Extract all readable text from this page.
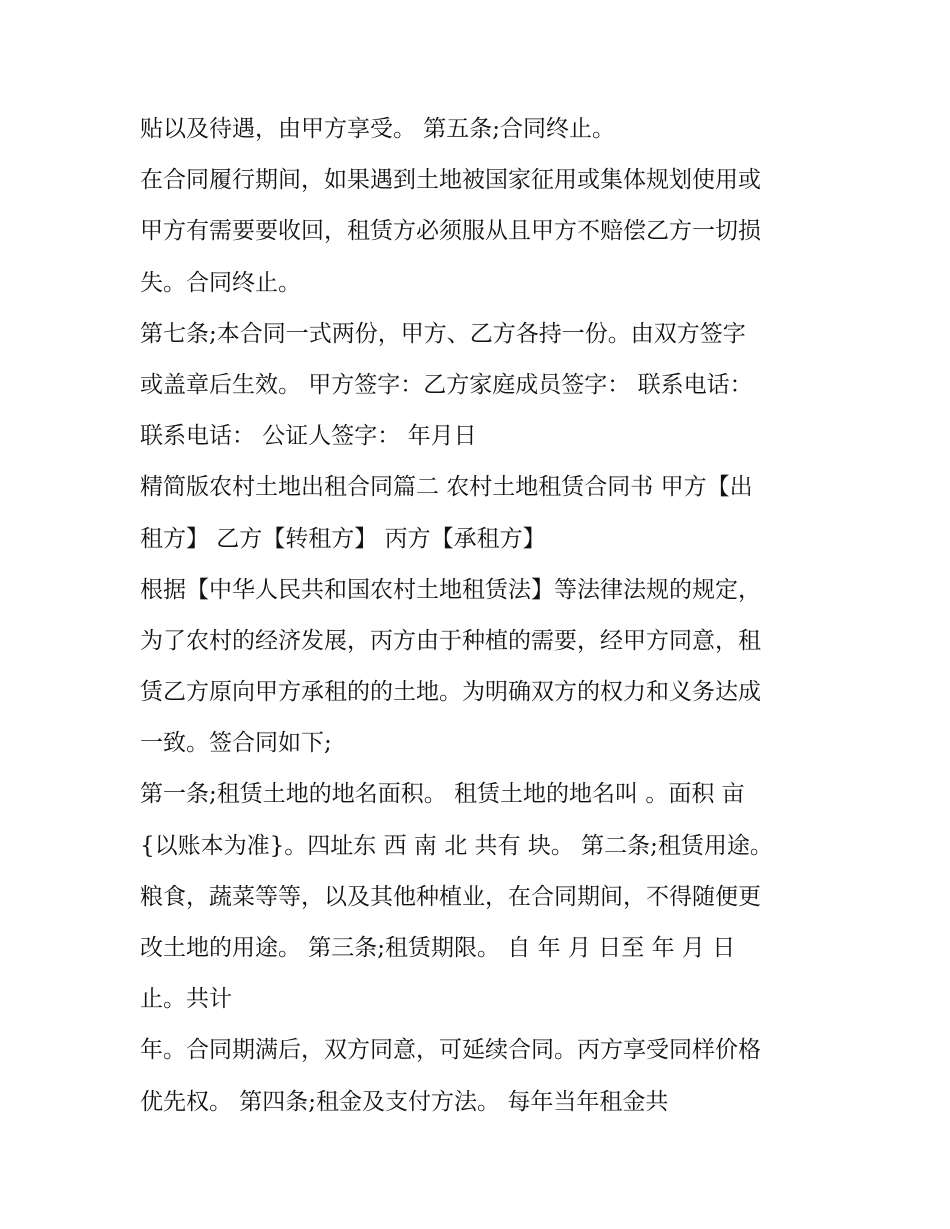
贴以及待遇，由甲方享受。 第五条;合同终止。
在合同履行期间，如果遇到土地被国家征用或集体规划使用或
甲方有需要要收回，租赁方必须服从且甲方不赔偿乙方一切损
失。合同终止。
第七条;本合同一式两份，甲方、乙方各持一份。由双方签字
或盖章后生效。 甲方签字：乙方家庭成员签字： 联系电话：
联系电话： 公证人签字： 年月日
精简版农村土地出租合同篇二 农村土地租赁合同书 甲方【出
租方】 乙方【转租方】 丙方【承租方】
根据【中华人民共和国农村土地租赁法】等法律法规的规定，
为了农村的经济发展，丙方由于种植的需要，经甲方同意，租
赁乙方原向甲方承租的的土地。为明确双方的权力和义务达成
一致。签合同如下;
第一条;租赁土地的地名面积。 租赁土地的地名叫 。面积 亩
{以账本为准}。四址东 西 南 北 共有 块。 第二条;租赁用途。
粮食，蔬菜等等，以及其他种植业，在合同期间，不得随便更
改土地的用途。 第三条;租赁期限。 自 年 月 日至 年 月 日
止。共计
年。合同期满后，双方同意，可延续合同。丙方享受同样价格
优先权。 第四条;租金及支付方法。 每年当年租金共
